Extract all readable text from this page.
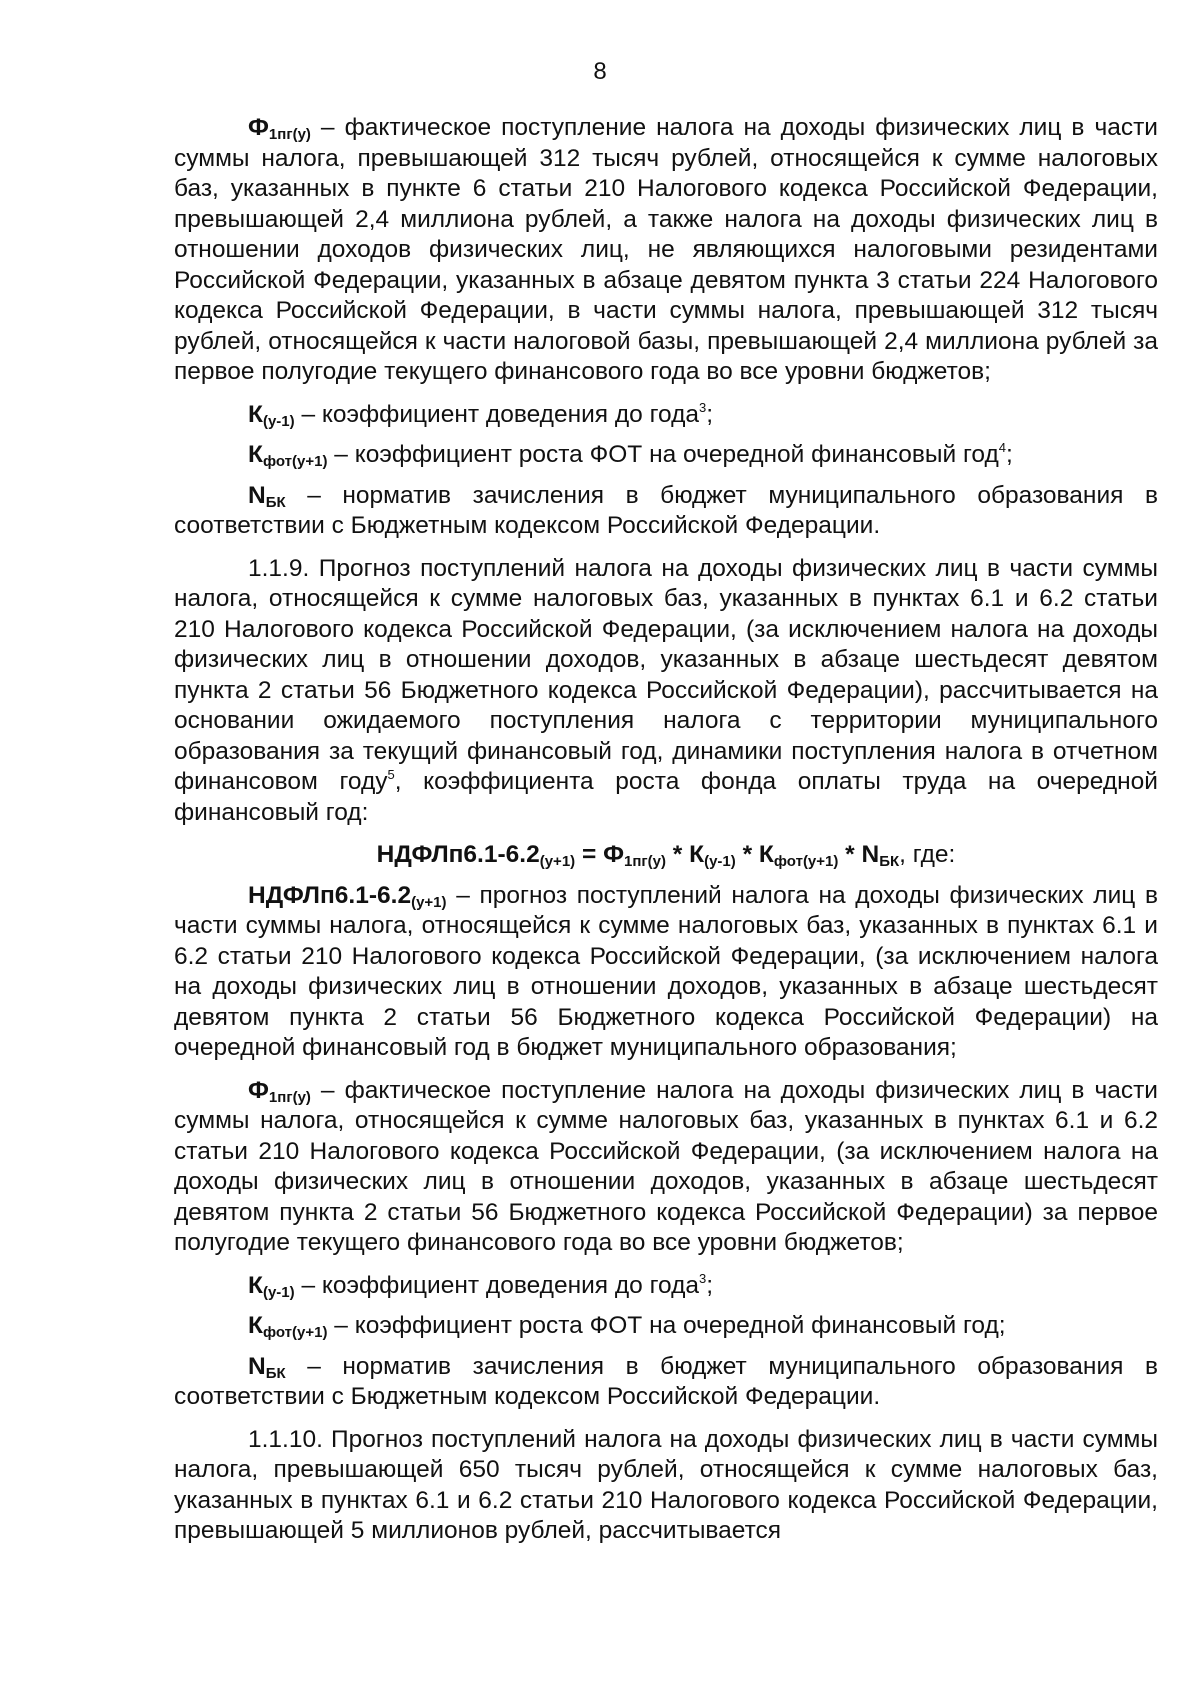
8

$Ф_{1пг(у)}$ – фактическое поступление налога на доходы физических лиц в части суммы налога, превышающей 312 тысяч рублей, относящейся к сумме налоговых баз, указанных в пункте 6 статьи 210 Налогового кодекса Российской Федерации, превышающей 2,4 миллиона рублей, а также налога на доходы физических лиц в отношении доходов физических лиц, не являющихся налоговыми резидентами Российской Федерации, указанных в абзаце девятом пункта 3 статьи 224 Налогового кодекса Российской Федерации, в части суммы налога, превышающей 312 тысяч рублей, относящейся к части налоговой базы, превышающей 2,4 миллиона рублей за первое полугодие текущего финансового года во все уровни бюджетов;

$К_{(у-1)}$ – коэффициент доведения до года$^3$;

$К_{фот(у+1)}$ – коэффициент роста ФОТ на очередной финансовый год$^4$;

$N_{БК}$ – норматив зачисления в бюджет муниципального образования в соответствии с Бюджетным кодексом Российской Федерации.

1.1.9. Прогноз поступлений налога на доходы физических лиц в части суммы налога, относящейся к сумме налоговых баз, указанных в пунктах 6.1 и 6.2 статьи 210 Налогового кодекса Российской Федерации, (за исключением налога на доходы физических лиц в отношении доходов, указанных в абзаце шестьдесят девятом пункта 2 статьи 56 Бюджетного кодекса Российской Федерации), рассчитывается на основании ожидаемого поступления налога с территории муниципального образования за текущий финансовый год, динамики поступления налога в отчетном финансовом году$^5$, коэффициента роста фонда оплаты труда на очередной финансовый год:

$НДФЛп6.1-6.2_{(у+1)} = Ф_{1пг(у)} * К_{(у-1)} * К_{фот(у+1)} * N_{БК}$, где:

$НДФЛп6.1-6.2_{(у+1)}$ – прогноз поступлений налога на доходы физических лиц в части суммы налога, относящейся к сумме налоговых баз, указанных в пунктах 6.1 и 6.2 статьи 210 Налогового кодекса Российской Федерации, (за исключением налога на доходы физических лиц в отношении доходов, указанных в абзаце шестьдесят девятом пункта 2 статьи 56 Бюджетного кодекса Российской Федерации) на очередной финансовый год в бюджет муниципального образования;

$Ф_{1пг(у)}$ – фактическое поступление налога на доходы физических лиц в части суммы налога, относящейся к сумме налоговых баз, указанных в пунктах 6.1 и 6.2 статьи 210 Налогового кодекса Российской Федерации, (за исключением налога на доходы физических лиц в отношении доходов, указанных в абзаце шестьдесят девятом пункта 2 статьи 56 Бюджетного кодекса Российской Федерации) за первое полугодие текущего финансового года во все уровни бюджетов;

$К_{(у-1)}$ – коэффициент доведения до года$^3$;

$К_{фот(у+1)}$ – коэффициент роста ФОТ на очередной финансовый год;

$N_{БК}$ – норматив зачисления в бюджет муниципального образования в соответствии с Бюджетным кодексом Российской Федерации.

1.1.10. Прогноз поступлений налога на доходы физических лиц в части суммы налога, превышающей 650 тысяч рублей, относящейся к сумме налоговых баз, указанных в пунктах 6.1 и 6.2 статьи 210 Налогового кодекса Российской Федерации, превышающей 5 миллионов рублей, рассчитывается
